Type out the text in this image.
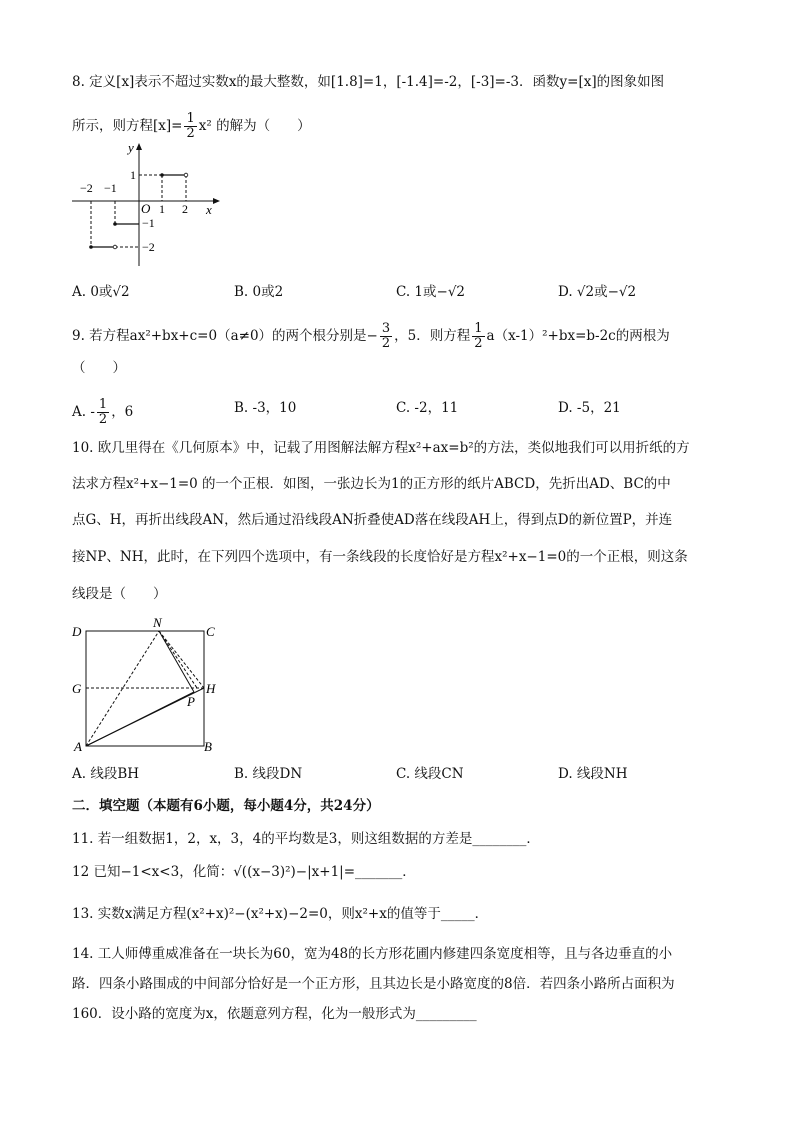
8. 定义[x]表示不超过实数x的最大整数，如[1.8]=1，[-1.4]=-2，[-3]=-3．函数y=[x]的图象如图
所示，则方程$[x]= \frac{1}{2} x^2$ 的解为（　　）
y
x
O
−2 −1
1 2
1
−1
−2
A. 0或√2	B. 0或2	C. 1或−√2	D. √2或−√2
9. 若方程ax²+bx+c=0（a≠0）的两个根分别是− $\frac{3}{2}$ ，5．则方程 $\frac{1}{2} a(x-1)^2+bx=b-2c$的两根为
（　　）
A. - $\frac{1}{2}$ ，6	B. -3，10	C. -2，11	D. -5，21
10. 欧几里得在《几何原本》中，记载了用图解法解方程x²+ax=b²的方法，类似地我们可以用折纸的方
法求方程x²+x−1=0 的一个正根．如图，一张边长为1的正方形的纸片ABCD，先折出AD、BC的中
点G、H，再折出线段AN，然后通过沿线段AN折叠使AD落在线段AH上，得到点D的新位置P，并连
接NP、NH，此时，在下列四个选项中，有一条线段的长度恰好是方程x²+x−1=0的一个正根，则这条
线段是（　　）
D
N
C
G	H
P
A	B
A. 线段BH	B. 线段DN	C. 线段CN	D. 线段NH
二．填空题（本题有6小题，每小题4分，共24分）
11. 若一组数据1，2，x，3，4的平均数是3，则这组数据的方差是________．
12 已知−1<x<3，化简：√((x−3)²)−|x+1|=_______．
13. 实数x满足方程(x²+x)²−(x²+x)−2=0，则x²+x的值等于_____．
14. 工人师傅重威准备在一块长为60，宽为48的长方形花圃内修建四条宽度相等，且与各边垂直的小
路．四条小路围成的中间部分恰好是一个正方形，且其边长是小路宽度的8倍．若四条小路所占面积为
160．设小路的宽度为x，依题意列方程，化为一般形式为_________
